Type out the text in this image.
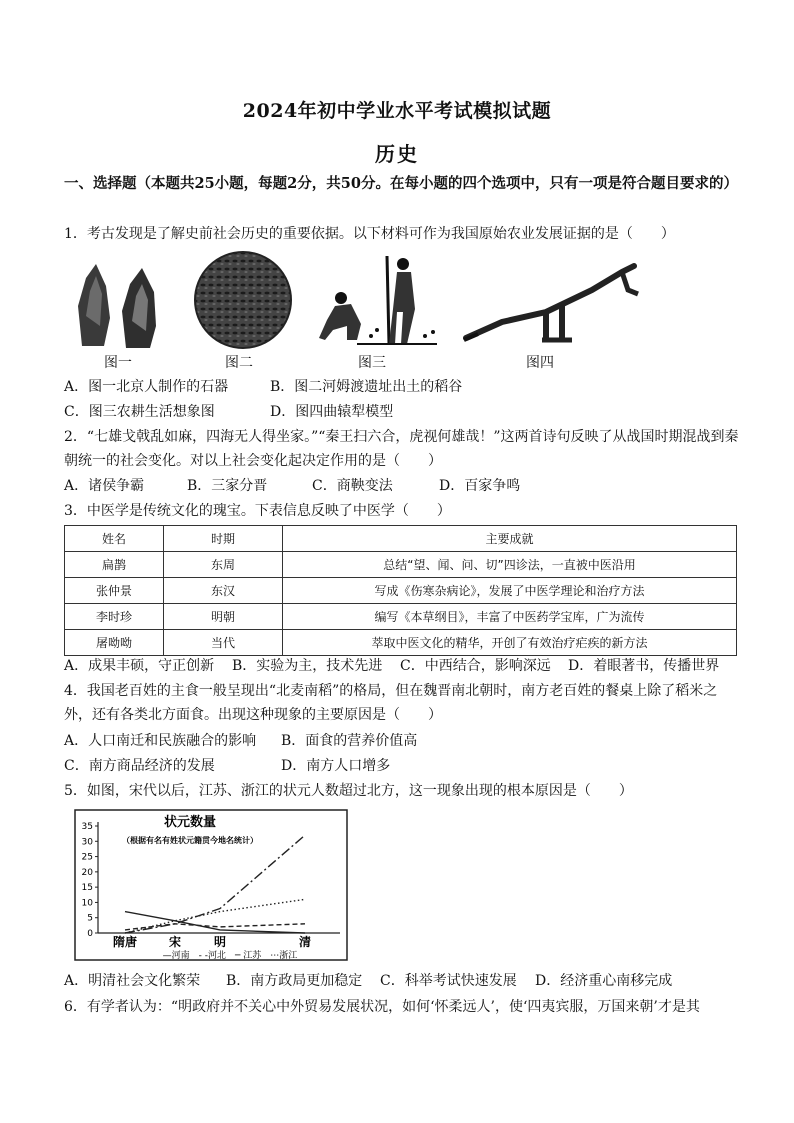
2024年初中学业水平考试模拟试题
历史
一、选择题（本题共25小题，每题2分，共50分。在每小题的四个选项中，只有一项是符合题目要求的）
1．考古发现是了解史前社会历史的重要依据。以下材料可作为我国原始农业发展证据的是（　　）
图一	图二	图三	图四
A．图一北京人制作的石器	B．图二河姆渡遗址出土的稻谷
C．图三农耕生活想象图	D．图四曲辕犁模型
2．“七雄戈戟乱如麻，四海无人得坐家。”“秦王扫六合，虎视何雄哉！”这两首诗句反映了从战国时期混战到秦朝统一的社会变化。对以上社会变化起决定作用的是（　　）
A．诸侯争霸	B．三家分晋	C．商鞅变法	D．百家争鸣
3．中医学是传统文化的瑰宝。下表信息反映了中医学（　　）
姓名	时期	主要成就
扁鹊	东周	总结“望、闻、问、切”四诊法，一直被中医沿用
张仲景	东汉	写成《伤寒杂病论》，发展了中医学理论和治疗方法
李时珍	明朝	编写《本草纲目》，丰富了中医药学宝库，广为流传
屠呦呦	当代	萃取中医文化的精华，开创了有效治疗疟疾的新方法
A．成果丰硕，守正创新 B．实验为主，技术先进 C．中西结合，影响深远 D．着眼著书，传播世界
4．我国老百姓的主食一般呈现出“北麦南稻”的格局，但在魏晋南北朝时，南方老百姓的餐桌上除了稻米之外，还有各类北方面食。出现这种现象的主要原因是（　　）
A．人口南迁和民族融合的影响 B．面食的营养价值高
C．南方商品经济的发展	D．南方人口增多
5．如图，宋代以后，江苏、浙江的状元人数超过北方，这一现象出现的根本原因是（　　）
状元数量
（根据有名有姓状元籍贯今地名统计）
0
5
10
15
20
25
30
35
隋唐	宋	明	清
—河南　- -河北　─ 江苏　⋯浙江
A．明清社会文化繁荣 B．南方政局更加稳定 C．科举考试快速发展 D．经济重心南移完成
6．有学者认为：“明政府并不关心中外贸易发展状况，如何‘怀柔远人’，使‘四夷宾服，万国来朝’才是其
